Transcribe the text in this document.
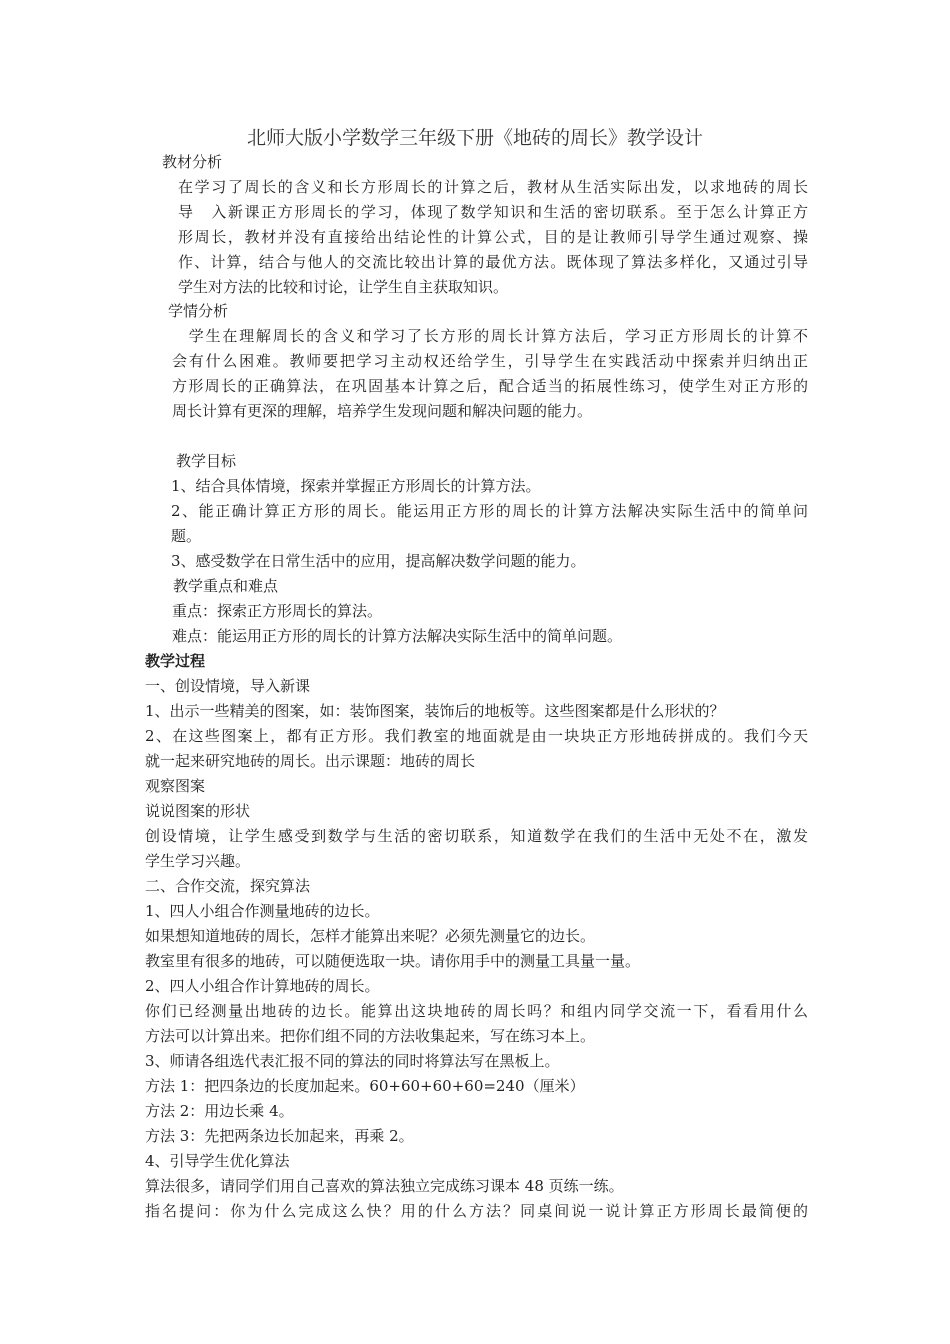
北师大版小学数学三年级下册《地砖的周长》教学设计
教材分析
在学习了周长的含义和长方形周长的计算之后，教材从生活实际出发，以求地砖的周长
导　入新课正方形周长的学习，体现了数学知识和生活的密切联系。至于怎么计算正方
形周长，教材并没有直接给出结论性的计算公式，目的是让教师引导学生通过观察、操
作、计算，结合与他人的交流比较出计算的最优方法。既体现了算法多样化，又通过引导
学生对方法的比较和讨论，让学生自主获取知识。
学情分析
　学生在理解周长的含义和学习了长方形的周长计算方法后，学习正方形周长的计算不
会有什么困难。教师要把学习主动权还给学生，引导学生在实践活动中探索并归纳出正
方形周长的正确算法，在巩固基本计算之后，配合适当的拓展性练习，使学生对正方形的
周长计算有更深的理解，培养学生发现问题和解决问题的能力。
教学目标
1、结合具体情境，探索并掌握正方形周长的计算方法。
2、能正确计算正方形的周长。能运用正方形的周长的计算方法解决实际生活中的简单问
题。
3、感受数学在日常生活中的应用，提高解决数学问题的能力。
教学重点和难点
重点：探索正方形周长的算法。
难点：能运用正方形的周长的计算方法解决实际生活中的简单问题。
教学过程
一、创设情境，导入新课
1、出示一些精美的图案，如：装饰图案，装饰后的地板等。这些图案都是什么形状的？
2、在这些图案上，都有正方形。我们教室的地面就是由一块块正方形地砖拼成的。我们今天
就一起来研究地砖的周长。出示课题：地砖的周长
观察图案
说说图案的形状
创设情境，让学生感受到数学与生活的密切联系，知道数学在我们的生活中无处不在，激发
学生学习兴趣。
二、合作交流，探究算法
1、四人小组合作测量地砖的边长。
如果想知道地砖的周长，怎样才能算出来呢？必须先测量它的边长。
教室里有很多的地砖，可以随便选取一块。请你用手中的测量工具量一量。
2、四人小组合作计算地砖的周长。
你们已经测量出地砖的边长。能算出这块地砖的周长吗？和组内同学交流一下，看看用什么
方法可以计算出来。把你们组不同的方法收集起来，写在练习本上。
3、师请各组选代表汇报不同的算法的同时将算法写在黑板上。
方法 1：把四条边的长度加起来。60+60+60+60=240（厘米）
方法 2：用边长乘 4。
方法 3：先把两条边长加起来，再乘 2。
4、引导学生优化算法
算法很多，请同学们用自己喜欢的算法独立完成练习课本 48 页练一练。
指名提问：你为什么完成这么快？用的什么方法？同桌间说一说计算正方形周长最简便的
